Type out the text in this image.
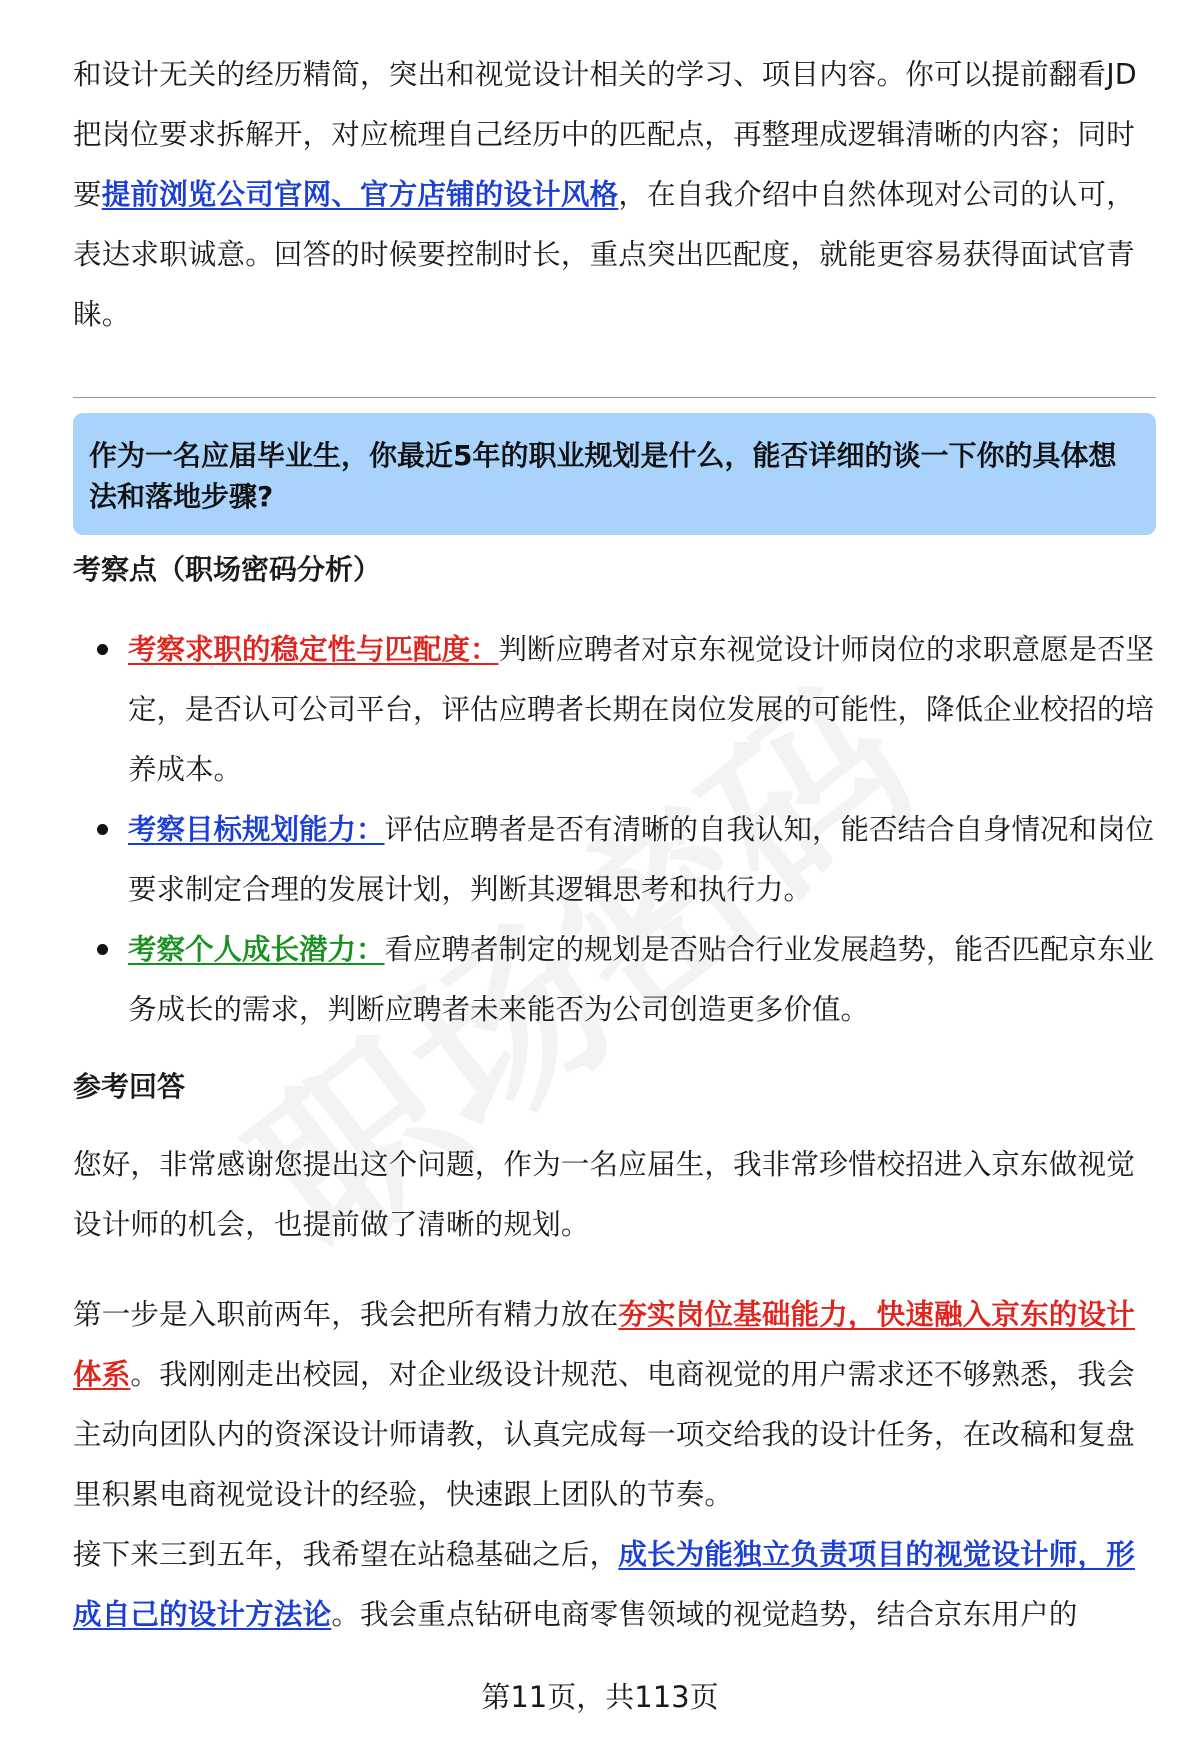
和设计无关的经历精简，突出和视觉设计相关的学习、项目内容。你可以提前翻看JD把岗位要求拆解开，对应梳理自己经历中的匹配点，再整理成逻辑清晰的内容；同时要提前浏览公司官网、官方店铺的设计风格，在自我介绍中自然体现对公司的认可，表达求职诚意。回答的时候要控制时长，重点突出匹配度，就能更容易获得面试官青睐。

作为一名应届毕业生，你最近5年的职业规划是什么，能否详细的谈一下你的具体想法和落地步骤?
考察点（职场密码分析）
考察求职的稳定性与匹配度：判断应聘者对京东视觉设计师岗位的求职意愿是否坚定，是否认可公司平台，评估应聘者长期在岗位发展的可能性，降低企业校招的培养成本。
考察目标规划能力：评估应聘者是否有清晰的自我认知，能否结合自身情况和岗位要求制定合理的发展计划，判断其逻辑思考和执行力。
考察个人成长潜力：看应聘者制定的规划是否贴合行业发展趋势，能否匹配京东业务成长的需求，判断应聘者未来能否为公司创造更多价值。
参考回答

您好，非常感谢您提出这个问题，作为一名应届生，我非常珍惜校招进入京东做视觉设计师的机会，也提前做了清晰的规划。

第一步是入职前两年，我会把所有精力放在夯实岗位基础能力，快速融入京东的设计体系。我刚刚走出校园，对企业级设计规范、电商视觉的用户需求还不够熟悉，我会主动向团队内的资深设计师请教，认真完成每一项交给我的设计任务，在改稿和复盘里积累电商视觉设计的经验，快速跟上团队的节奏。

接下来三到五年，我希望在站稳基础之后，成长为能独立负责项目的视觉设计师，形成自己的设计方法论。我会重点钻研电商零售领域的视觉趋势，结合京东用户的

第11页，共113页
